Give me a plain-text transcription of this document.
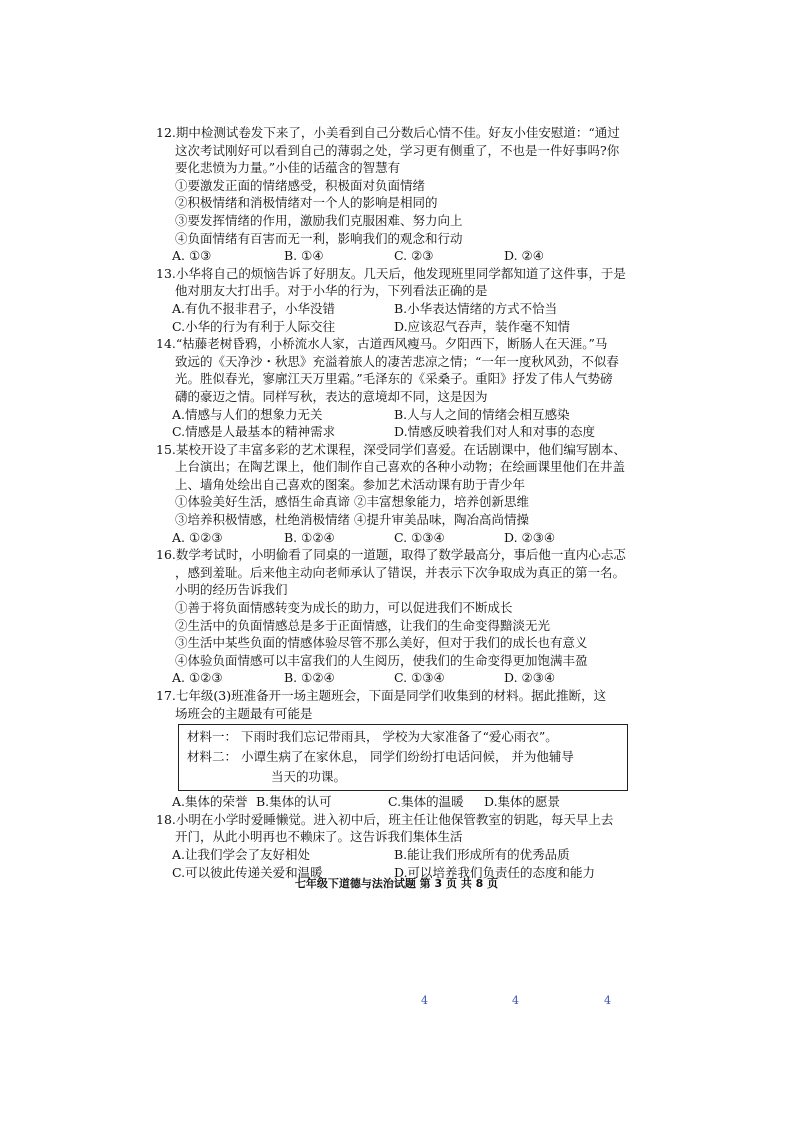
12.期中检测试卷发下来了，小美看到自己分数后心情不佳。好友小佳安慰道：“通过
这次考试刚好可以看到自己的薄弱之处，学习更有侧重了，不也是一件好事吗?你
要化悲愤为力量。”小佳的话蕴含的智慧有
①要激发正面的情绪感受，积极面对负面情绪
②积极情绪和消极情绪对一个人的影响是相同的
③要发挥情绪的作用，激励我们克服困难、努力向上
④负面情绪有百害而无一利，影响我们的观念和行动
A. ①③	B. ①④	C. ②③	D. ②④
13.小华将自己的烦恼告诉了好朋友。几天后，他发现班里同学都知道了这件事，于是
他对朋友大打出手。对于小华的行为，下列看法正确的是
A.有仇不报非君子，小华没错	B.小华表达情绪的方式不恰当
C.小华的行为有利于人际交往	D.应该忍气吞声，装作毫不知情
14.“枯藤老树昏鸦，小桥流水人家，古道西风瘦马。夕阳西下，断肠人在天涯。”马
致远的《天净沙・秋思》充溢着旅人的凄苦悲凉之情；“一年一度秋风劲，不似春
光。胜似春光，寥廓江天万里霜。”毛泽东的《采桑子。重阳》抒发了伟人气势磅
礴的豪迈之情。同样写秋，表达的意境却不同，这是因为
A.情感与人们的想象力无关	B.人与人之间的情绪会相互感染
C.情感是人最基本的精神需求	D.情感反映着我们对人和对事的态度
15.某校开设了丰富多彩的艺术课程，深受同学们喜爱。在话剧课中，他们编写剧本、
上台演出；在陶艺课上，他们制作自己喜欢的各种小动物；在绘画课里他们在井盖
上、墙角处绘出自己喜欢的图案。参加艺术活动课有助于青少年
①体验美好生活，感悟生命真谛 ②丰富想象能力，培养创新思维
③培养积极情感，杜绝消极情绪 ④提升审美品味，陶冶高尚情操
A. ①②③	B. ①②④	C. ①③④	D. ②③④
16.数学考试时，小明偷看了同桌的一道题，取得了数学最高分，事后他一直内心忐忑
，感到羞耻。后来他主动向老师承认了错误，并表示下次争取成为真正的第一名。
小明的经历告诉我们
①善于将负面情感转变为成长的助力，可以促进我们不断成长
②生活中的负面情感总是多于正面情感，让我们的生命变得黯淡无光
③生活中某些负面的情感体验尽管不那么美好，但对于我们的成长也有意义
④体验负面情感可以丰富我们的人生阅历，使我们的生命变得更加饱满丰盈
A. ①②③	B. ①②④	C. ①③④	D. ②③④
17.七年级(3)班准备开一场主题班会，下面是同学们收集到的材料。据此推断，这
场班会的主题最有可能是
材料一： 下雨时我们忘记带雨具， 学校为大家准备了“爱心雨衣”。
材料二： 小谭生病了在家休息， 同学们纷纷打电话问候， 并为他辅导
当天的功课。
A.集体的荣誉 B.集体的认可	C.集体的温暖	D.集体的愿景
18.小明在小学时爱睡懒觉。进入初中后，班主任让他保管教室的钥匙，每天早上去
开门，从此小明再也不赖床了。这告诉我们集体生活
A.让我们学会了友好相处	B.能让我们形成所有的优秀品质
C.可以彼此传递关爱和温暖	D.可以培养我们负责任的态度和能力
七年级下道德与法治试题 第 3 页 共 8 页
4	4	4
